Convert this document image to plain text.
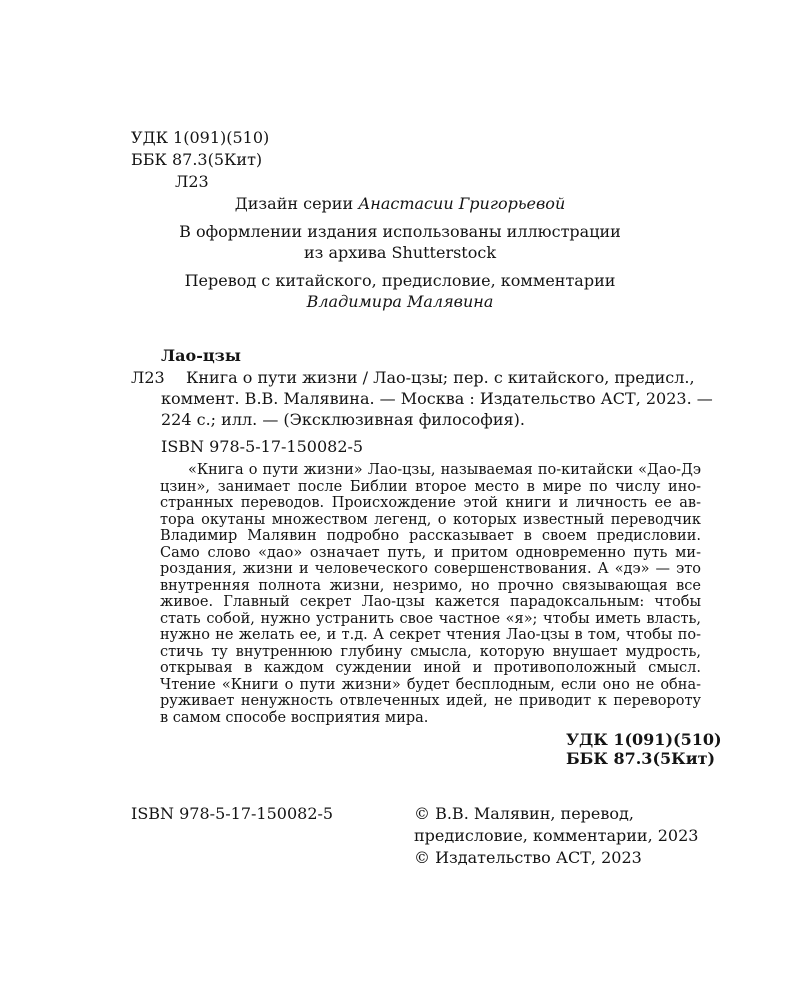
УДК 1(091)(510)

ББК 87.3(5Кит)

Л23

Дизайн серии Анастасии Григорьевой

В оформлении издания использованы иллюстрации

из архива Shutterstock

Перевод с китайского, предисловие, комментарии

Владимира Малявина

Лао-цзы

Л23 Книга о пути жизни / Лао-цзы; пер. с китайского, предисл.,

коммент. В.В. Малявина. — Москва : Издательство АСТ, 2023. —

224 с.; илл. — (Эксклюзивная философия).

ISBN 978-5-17-150082-5

«Книга о пути жизни» Лао-цзы, называемая по-китайски «Дао-Дэ
цзин», занимает после Библии второе место в мире по числу ино-
странных переводов. Происхождение этой книги и личность ее ав-
тора окутаны множеством легенд, о которых известный переводчик
Владимир Малявин подробно рассказывает в своем предисловии.
Само слово «дао» означает путь, и притом одновременно путь ми-
роздания, жизни и человеческого совершенствования. А «дэ» — это
внутренняя полнота жизни, незримо, но прочно связывающая все
живое. Главный секрет Лао-цзы кажется парадоксальным: чтобы
стать собой, нужно устранить свое частное «я»; чтобы иметь власть,
нужно не желать ее, и т.д. А секрет чтения Лао-цзы в том, чтобы по-
стичь ту внутреннюю глубину смысла, которую внушает мудрость,
открывая в каждом суждении иной и противоположный смысл.
Чтение «Книги о пути жизни» будет бесплодным, если оно не обна-
руживает ненужность отвлеченных идей, не приводит к перевороту
в самом способе восприятия мира.

УДК 1(091)(510)

ББК 87.3(5Кит)

ISBN 978-5-17-150082-5	© В.В. Малявин, перевод,

предисловие, комментарии, 2023

© Издательство АСТ, 2023
